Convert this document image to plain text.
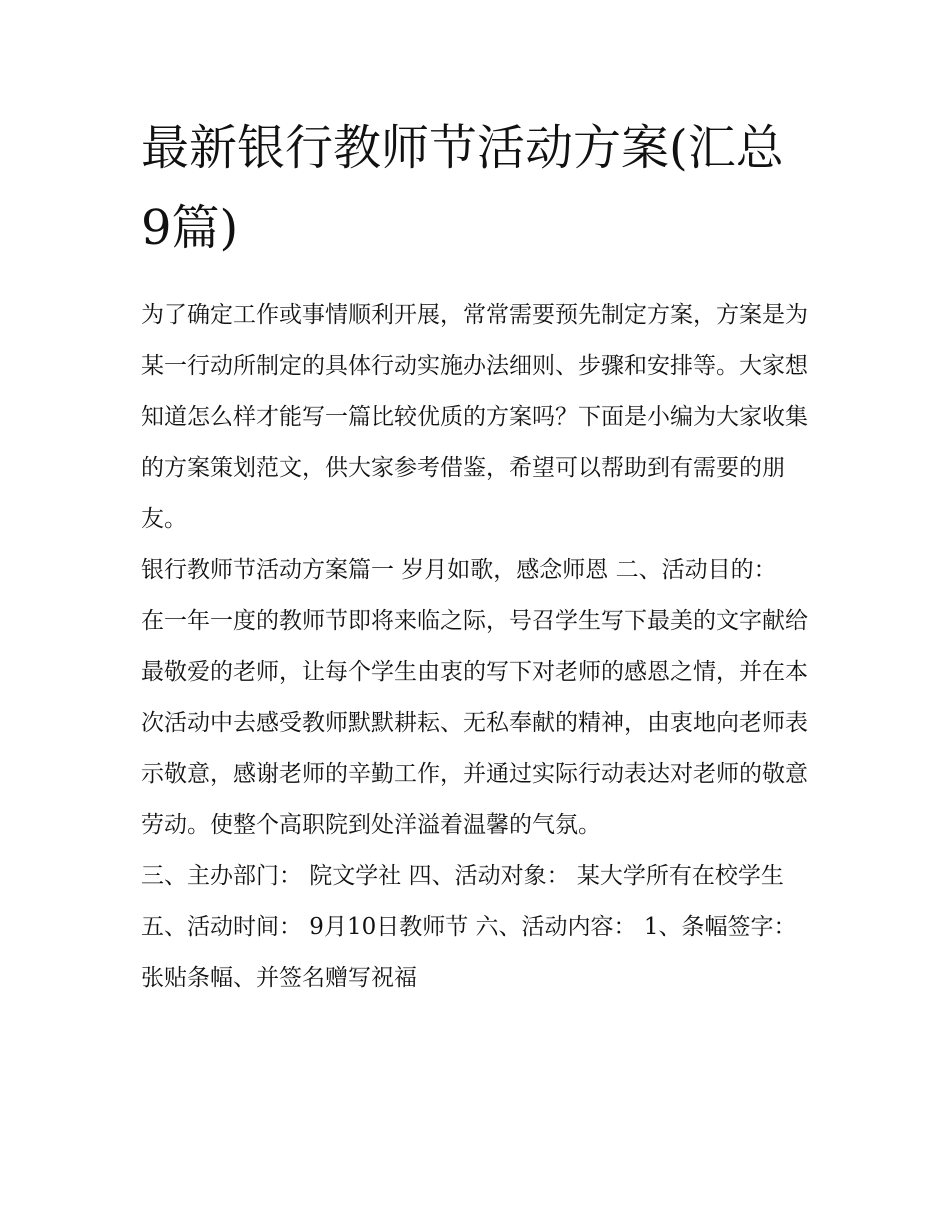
最新银行教师节活动方案(汇总9篇)

为了确定工作或事情顺利开展，常常需要预先制定方案，方案是为某一行动所制定的具体行动实施办法细则、步骤和安排等。大家想知道怎么样才能写一篇比较优质的方案吗？下面是小编为大家收集的方案策划范文，供大家参考借鉴，希望可以帮助到有需要的朋友。

银行教师节活动方案篇一 岁月如歌，感念师恩 二、活动目的：

在一年一度的教师节即将来临之际，号召学生写下最美的文字献给最敬爱的老师，让每个学生由衷的写下对老师的感恩之情，并在本次活动中去感受教师默默耕耘、无私奉献的精神，由衷地向老师表示敬意，感谢老师的辛勤工作，并通过实际行动表达对老师的敬意劳动。使整个高职院到处洋溢着温馨的气氛。

三、主办部门： 院文学社 四、活动对象： 某大学所有在校学生 五、活动时间： 9月10日教师节 六、活动内容： 1、条幅签字：张贴条幅、并签名赠写祝福
